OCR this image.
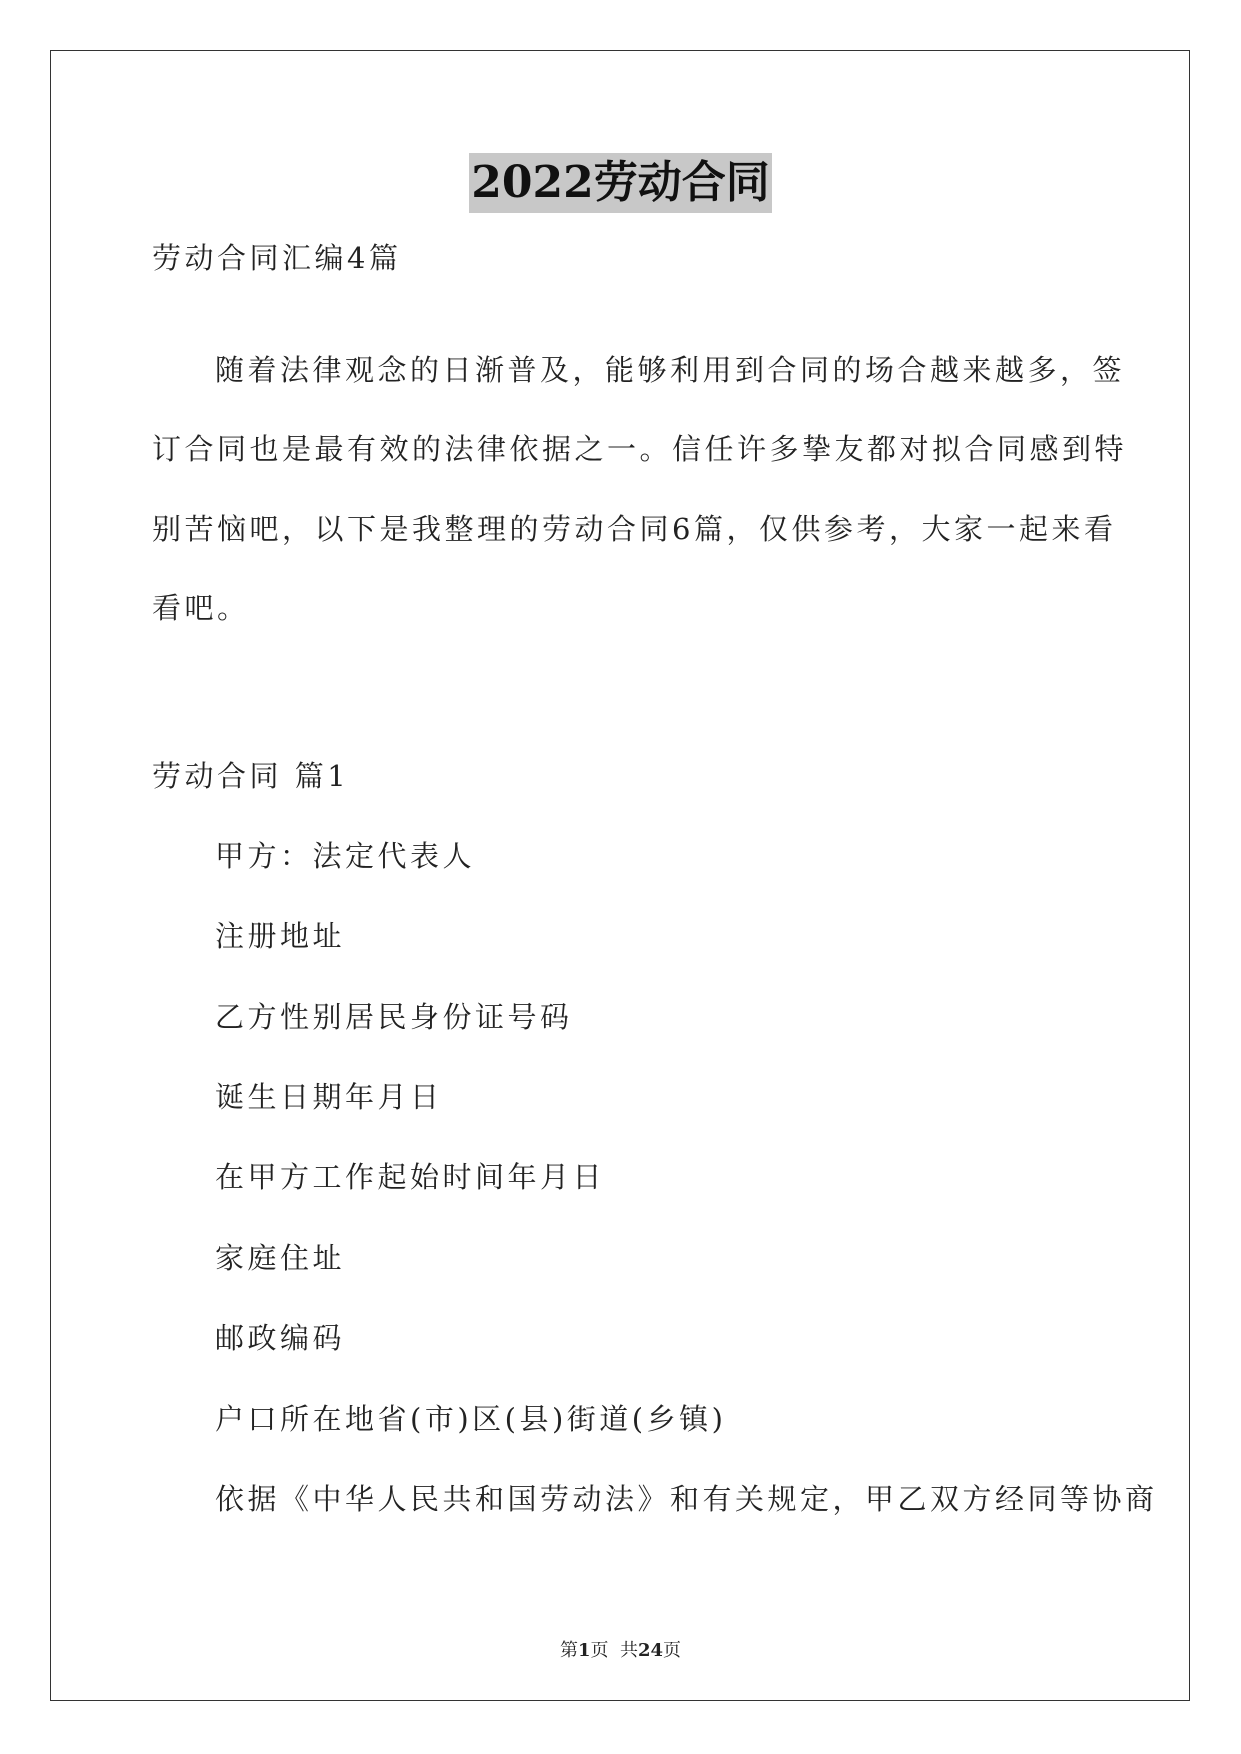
2022劳动合同
劳动合同汇编4篇
随着法律观念的日渐普及，能够利用到合同的场合越来越多，签
订合同也是最有效的法律依据之一。信任许多挚友都对拟合同感到特
别苦恼吧，以下是我整理的劳动合同6篇，仅供参考，大家一起来看
看吧。
劳动合同 篇1
甲方：法定代表人
注册地址
乙方性别居民身份证号码
诞生日期年月日
在甲方工作起始时间年月日
家庭住址
邮政编码
户口所在地省(市)区(县)街道(乡镇)
依据《中华人民共和国劳动法》和有关规定，甲乙双方经同等协商
第1页  共24页
